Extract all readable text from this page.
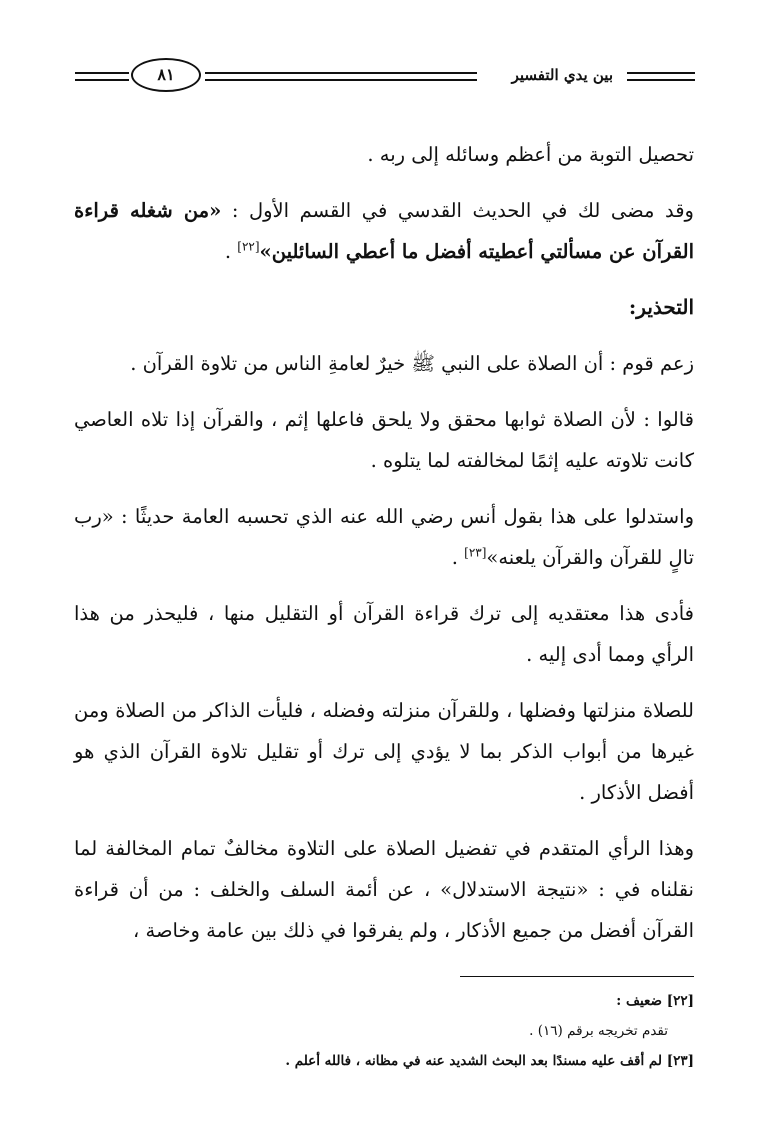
بين يدي التفسير
٨١

تحصيل التوبة من أعظم وسائله إلى ربه .

وقد مضى لك في الحديث القدسي في القسم الأول : «من شغله قراءة القرآن عن مسألتي أعطيته أفضل ما أعطي السائلين»[٢٢] .

التحذير:

زعم قوم : أن الصلاة على النبي ﷺ خيرٌ لعامةِ الناس من تلاوة القرآن .

قالوا : لأن الصلاة ثوابها محقق ولا يلحق فاعلها إثم ، والقرآن إذا تلاه العاصي كانت تلاوته عليه إثمًا لمخالفته لما يتلوه .

واستدلوا على هذا بقول أنس رضي الله عنه الذي تحسبه العامة حديثًا : «رب تالٍ للقرآن والقرآن يلعنه»[٢٣] .

فأدى هذا معتقديه إلى ترك قراءة القرآن أو التقليل منها ، فليحذر من هذا الرأي ومما أدى إليه .

للصلاة منزلتها وفضلها ، وللقرآن منزلته وفضله ، فليأت الذاكر من الصلاة ومن غيرها من أبواب الذكر بما لا يؤدي إلى ترك أو تقليل تلاوة القرآن الذي هو أفضل الأذكار .

وهذا الرأي المتقدم في تفضيل الصلاة على التلاوة مخالفٌ تمام المخالفة لما نقلناه في : «نتيجة الاستدلال» ، عن أئمة السلف والخلف : من أن قراءة القرآن أفضل من جميع الأذكار ، ولم يفرقوا في ذلك بين عامة وخاصة ،

[٢٢] ضعيف :

تقدم تخريجه برقم (١٦) .

[٢٣] لم أقف عليه مسندًا بعد البحث الشديد عنه في مظانه ، فالله أعلم .
